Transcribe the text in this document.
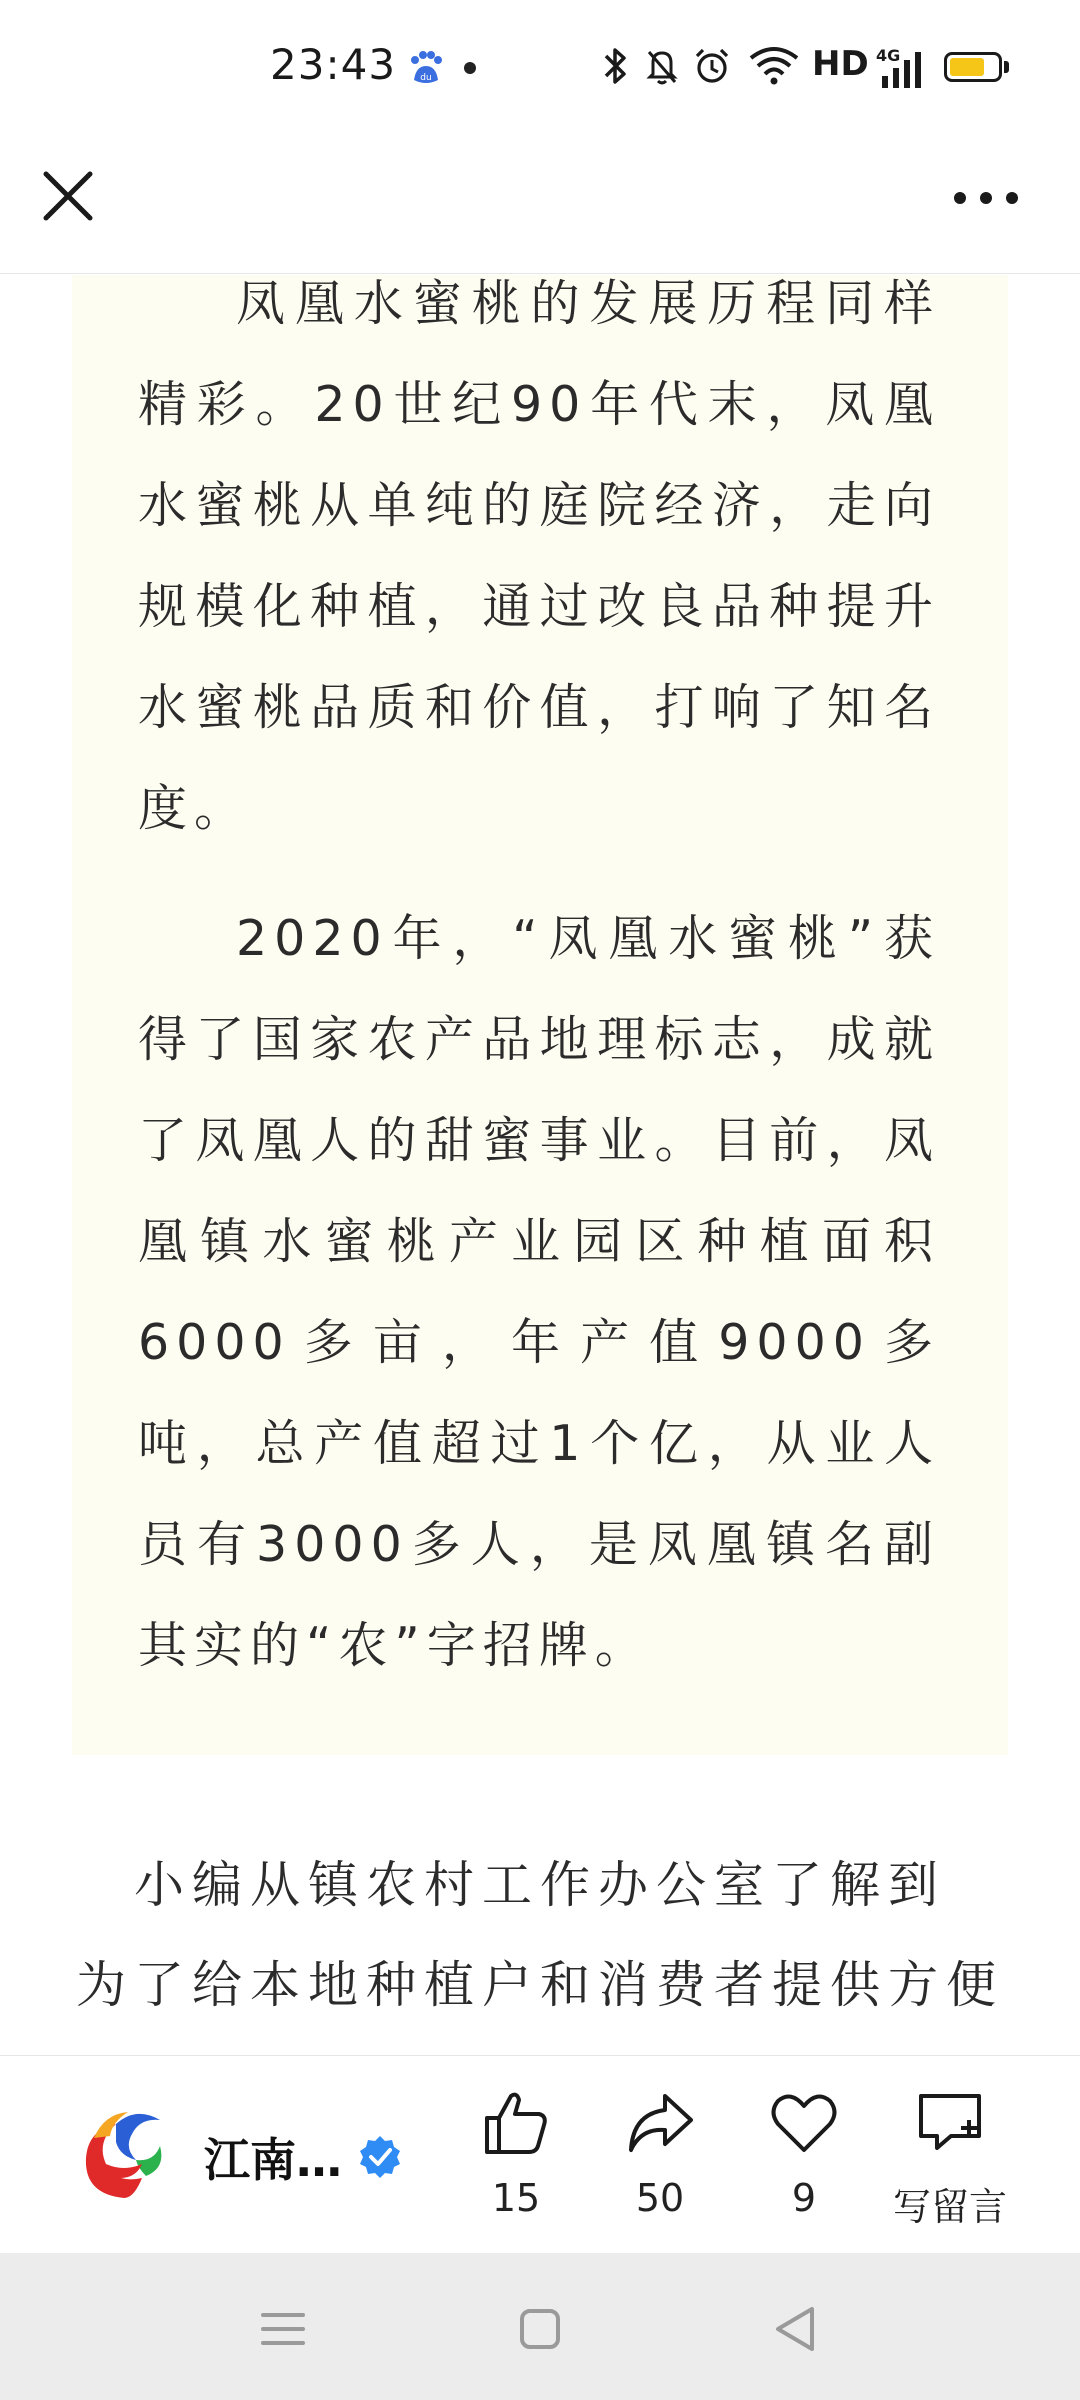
23:43	du	HD 4G

凤凰水蜜桃的发展历程同样精彩。20世纪90年代末，凤凰水蜜桃从单纯的庭院经济，走向规模化种植，通过改良品种提升水蜜桃品质和价值，打响了知名度。

2020年，“凤凰水蜜桃”获得了国家农产品地理标志，成就了凤凰人的甜蜜事业。目前，凤凰镇水蜜桃产业园区种植面积6000多亩，年产值9000多吨，总产值超过1个亿，从业人员有3000多人，是凤凰镇名副其实的“农”字招牌。

小编从镇农村工作办公室了解到
为了给本地种植户和消费者提供方便
江南…
15	50	9	写留言
